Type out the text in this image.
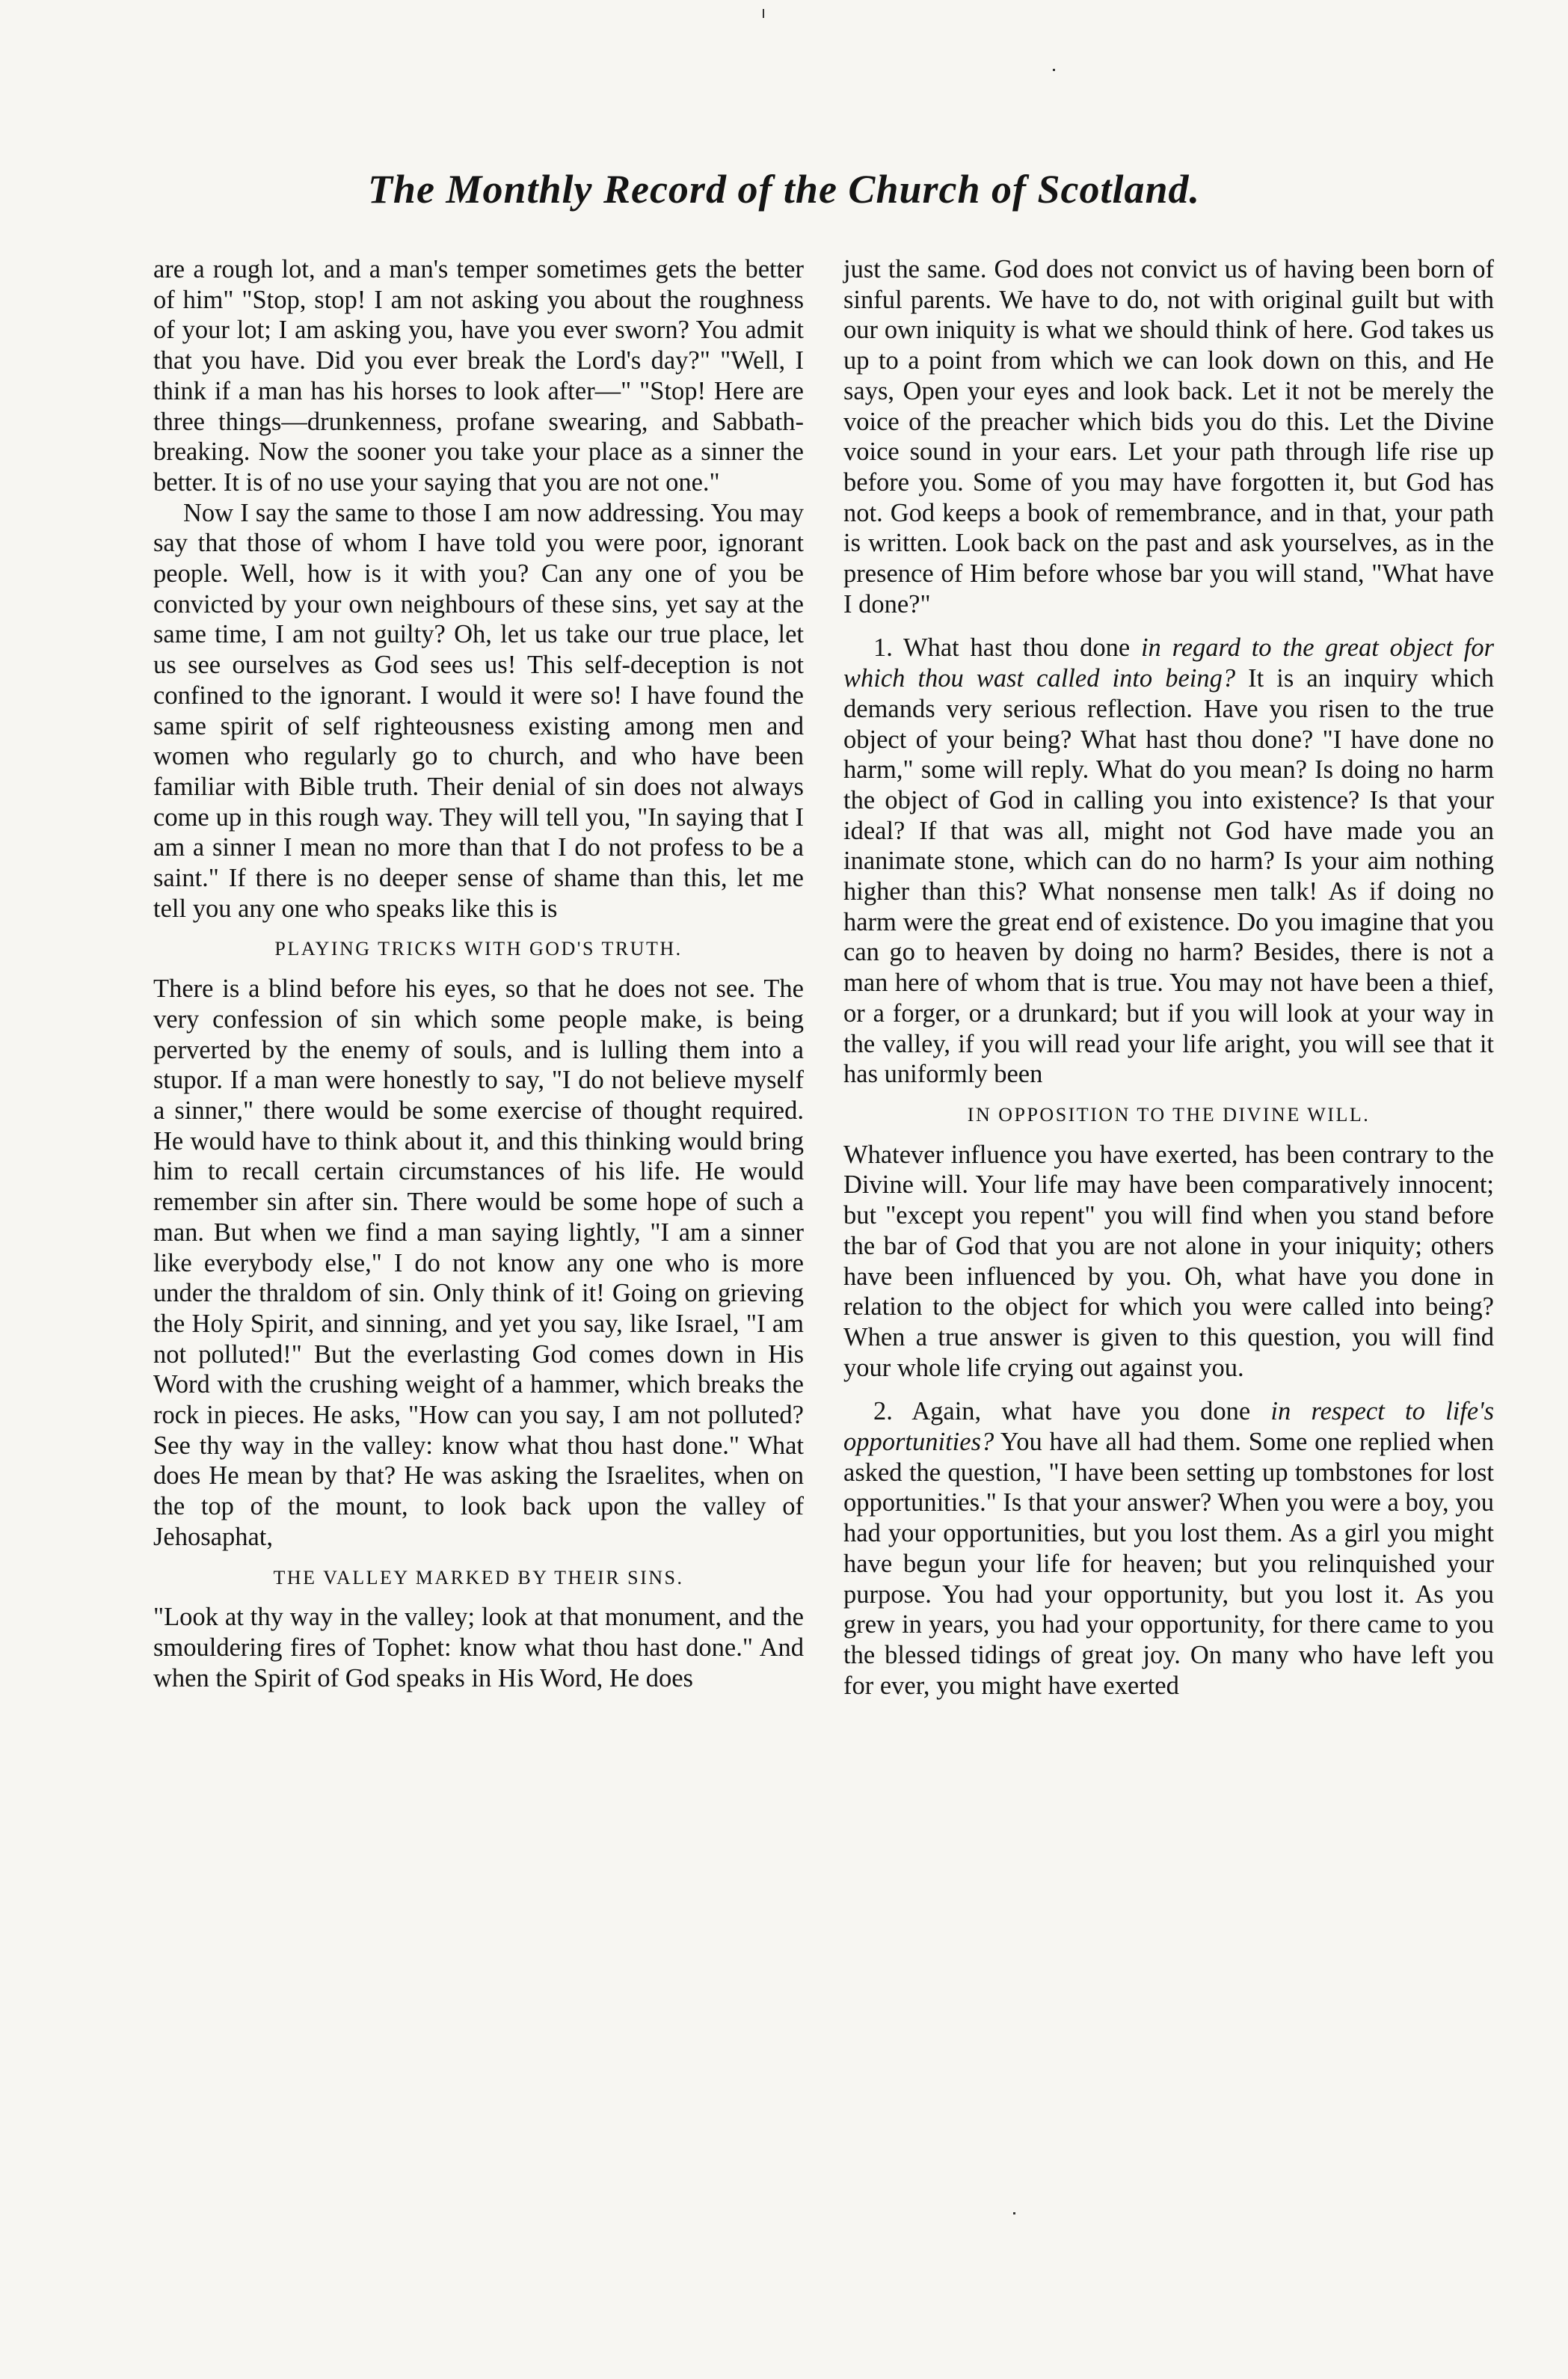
The Monthly Record of the Church of Scotland.

are a rough lot, and a man's temper sometimes gets the better of him" "Stop, stop! I am not asking you about the roughness of your lot; I am asking you, have you ever sworn? You admit that you have. Did you ever break the Lord's day?" "Well, I think if a man has his horses to look after—" "Stop! Here are three things—drunkenness, profane swearing, and Sabbath-breaking. Now the sooner you take your place as a sinner the better. It is of no use your saying that you are not one."

Now I say the same to those I am now addressing. You may say that those of whom I have told you were poor, ignorant people. Well, how is it with you? Can any one of you be convicted by your own neighbours of these sins, yet say at the same time, I am not guilty? Oh, let us take our true place, let us see ourselves as God sees us! This self-deception is not confined to the ignorant. I would it were so! I have found the same spirit of self righteousness existing among men and women who regularly go to church, and who have been familiar with Bible truth. Their denial of sin does not always come up in this rough way. They will tell you, "In saying that I am a sinner I mean no more than that I do not profess to be a saint." If there is no deeper sense of shame than this, let me tell you any one who speaks like this is

PLAYING TRICKS WITH GOD'S TRUTH.

There is a blind before his eyes, so that he does not see. The very confession of sin which some people make, is being perverted by the enemy of souls, and is lulling them into a stupor. If a man were honestly to say, "I do not believe myself a sinner," there would be some exercise of thought required. He would have to think about it, and this thinking would bring him to recall certain circumstances of his life. He would remember sin after sin. There would be some hope of such a man. But when we find a man saying lightly, "I am a sinner like everybody else," I do not know any one who is more under the thraldom of sin. Only think of it! Going on grieving the Holy Spirit, and sinning, and yet you say, like Israel, "I am not polluted!" But the everlasting God comes down in His Word with the crushing weight of a hammer, which breaks the rock in pieces. He asks, "How can you say, I am not polluted? See thy way in the valley: know what thou hast done." What does He mean by that? He was asking the Israelites, when on the top of the mount, to look back upon the valley of Jehosaphat,

THE VALLEY MARKED BY THEIR SINS.

"Look at thy way in the valley; look at that monument, and the smouldering fires of Tophet: know what thou hast done." And when the Spirit of God speaks in His Word, He does

just the same. God does not convict us of having been born of sinful parents. We have to do, not with original guilt but with our own iniquity is what we should think of here. God takes us up to a point from which we can look down on this, and He says, Open your eyes and look back. Let it not be merely the voice of the preacher which bids you do this. Let the Divine voice sound in your ears. Let your path through life rise up before you. Some of you may have forgotten it, but God has not. God keeps a book of remembrance, and in that, your path is written. Look back on the past and ask yourselves, as in the presence of Him before whose bar you will stand, "What have I done?"

1. What hast thou done in regard to the great object for which thou wast called into being? It is an inquiry which demands very serious reflection. Have you risen to the true object of your being? What hast thou done? "I have done no harm," some will reply. What do you mean? Is doing no harm the object of God in calling you into existence? Is that your ideal? If that was all, might not God have made you an inanimate stone, which can do no harm? Is your aim nothing higher than this? What nonsense men talk! As if doing no harm were the great end of existence. Do you imagine that you can go to heaven by doing no harm? Besides, there is not a man here of whom that is true. You may not have been a thief, or a forger, or a drunkard; but if you will look at your way in the valley, if you will read your life aright, you will see that it has uniformly been

IN OPPOSITION TO THE DIVINE WILL.

Whatever influence you have exerted, has been contrary to the Divine will. Your life may have been comparatively innocent; but "except you repent" you will find when you stand before the bar of God that you are not alone in your iniquity; others have been influenced by you. Oh, what have you done in relation to the object for which you were called into being? When a true answer is given to this question, you will find your whole life crying out against you.

2. Again, what have you done in respect to life's opportunities? You have all had them. Some one replied when asked the question, "I have been setting up tombstones for lost opportunities." Is that your answer? When you were a boy, you had your opportunities, but you lost them. As a girl you might have begun your life for heaven; but you relinquished your purpose. You had your opportunity, but you lost it. As you grew in years, you had your opportunity, for there came to you the blessed tidings of great joy. On many who have left you for ever, you might have exerted
